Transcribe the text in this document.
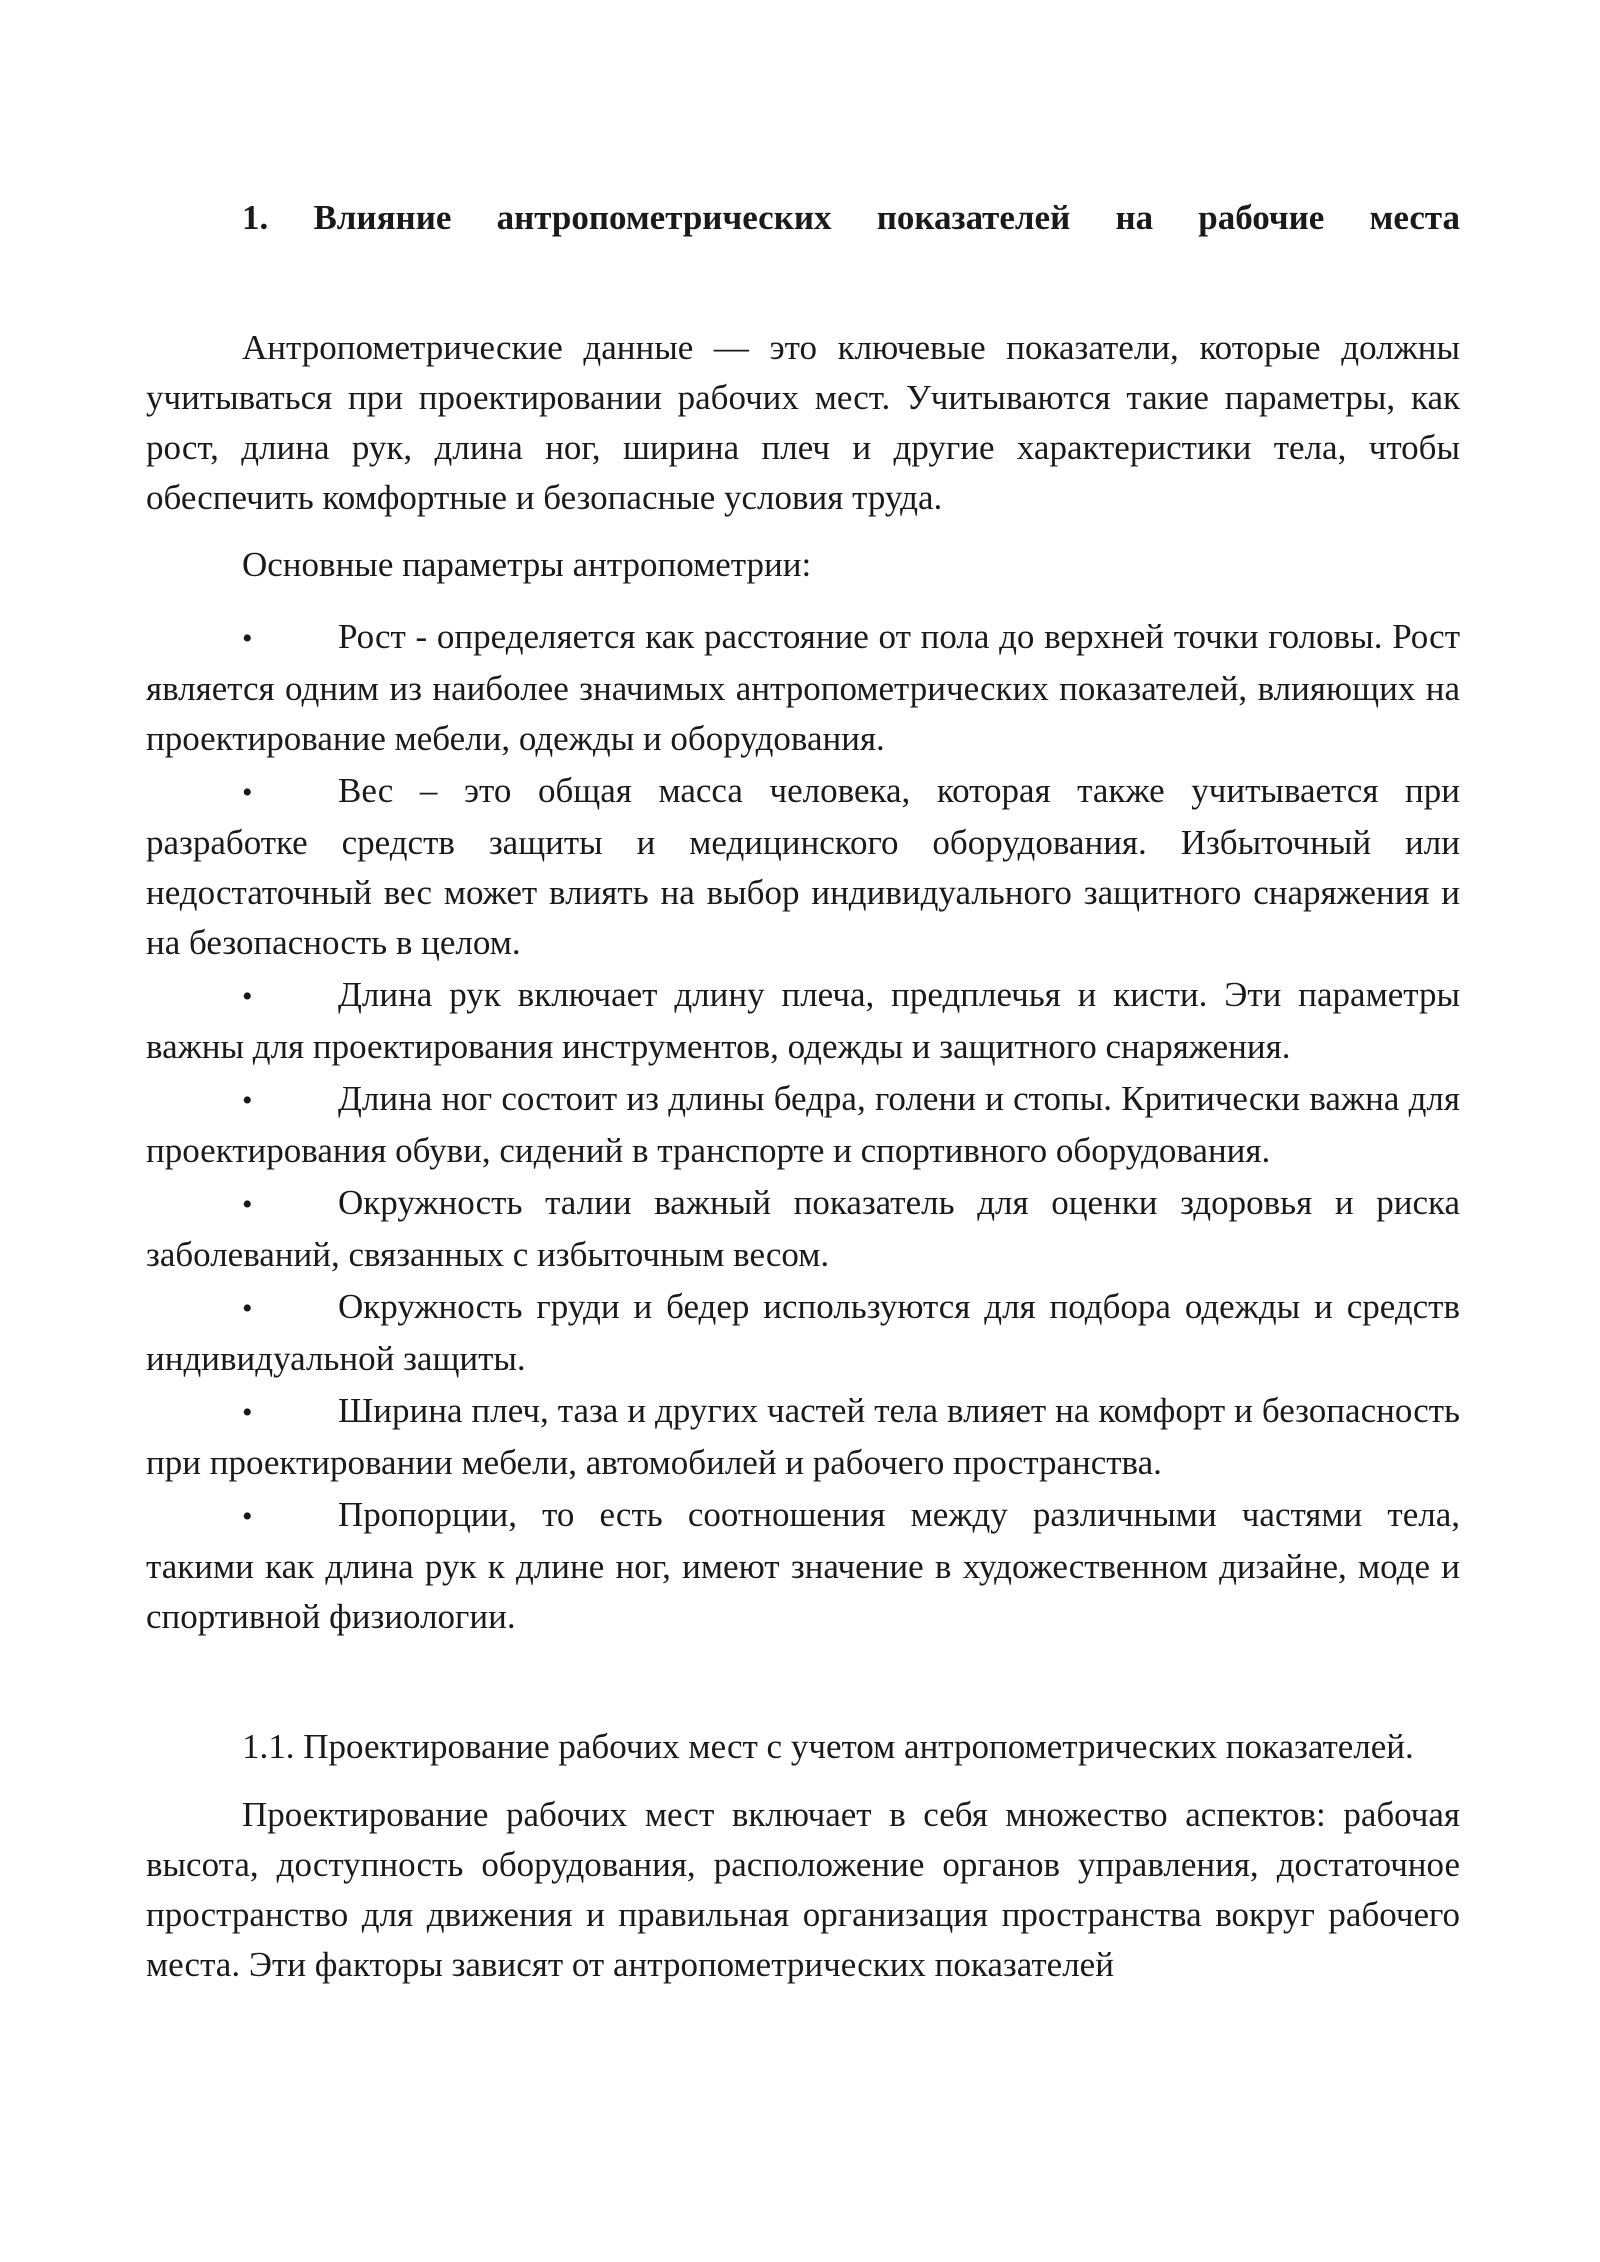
1. Влияние антропометрических показателей на рабочие места

Антропометрические данные — это ключевые показатели, которые должны учитываться при проектировании рабочих мест. Учитываются такие параметры, как рост, длина рук, длина ног, ширина плеч и другие характеристики тела, чтобы обеспечить комфортные и безопасные условия труда.

Основные параметры антропометрии:

• Рост - определяется как расстояние от пола до верхней точки головы. Рост является одним из наиболее значимых антропометрических показателей, влияющих на проектирование мебели, одежды и оборудования.
• Вес – это общая масса человека, которая также учитывается при разработке средств защиты и медицинского оборудования. Избыточный или недостаточный вес может влиять на выбор индивидуального защитного снаряжения и на безопасность в целом.
• Длина рук включает длину плеча, предплечья и кисти. Эти параметры важны для проектирования инструментов, одежды и защитного снаряжения.
• Длина ног состоит из длины бедра, голени и стопы. Критически важна для проектирования обуви, сидений в транспорте и спортивного оборудования.
• Окружность талии важный показатель для оценки здоровья и риска заболеваний, связанных с избыточным весом.
• Окружность груди и бедер используются для подбора одежды и средств индивидуальной защиты.
• Ширина плеч, таза и других частей тела влияет на комфорт и безопасность при проектировании мебели, автомобилей и рабочего пространства.
• Пропорции, то есть соотношения между различными частями тела, такими как длина рук к длине ног, имеют значение в художественном дизайне, моде и спортивной физиологии.

1.1. Проектирование рабочих мест с учетом антропометрических показателей.

Проектирование рабочих мест включает в себя множество аспектов: рабочая высота, доступность оборудования, расположение органов управления, достаточное пространство для движения и правильная организация пространства вокруг рабочего места. Эти факторы зависят от антропометрических показателей
